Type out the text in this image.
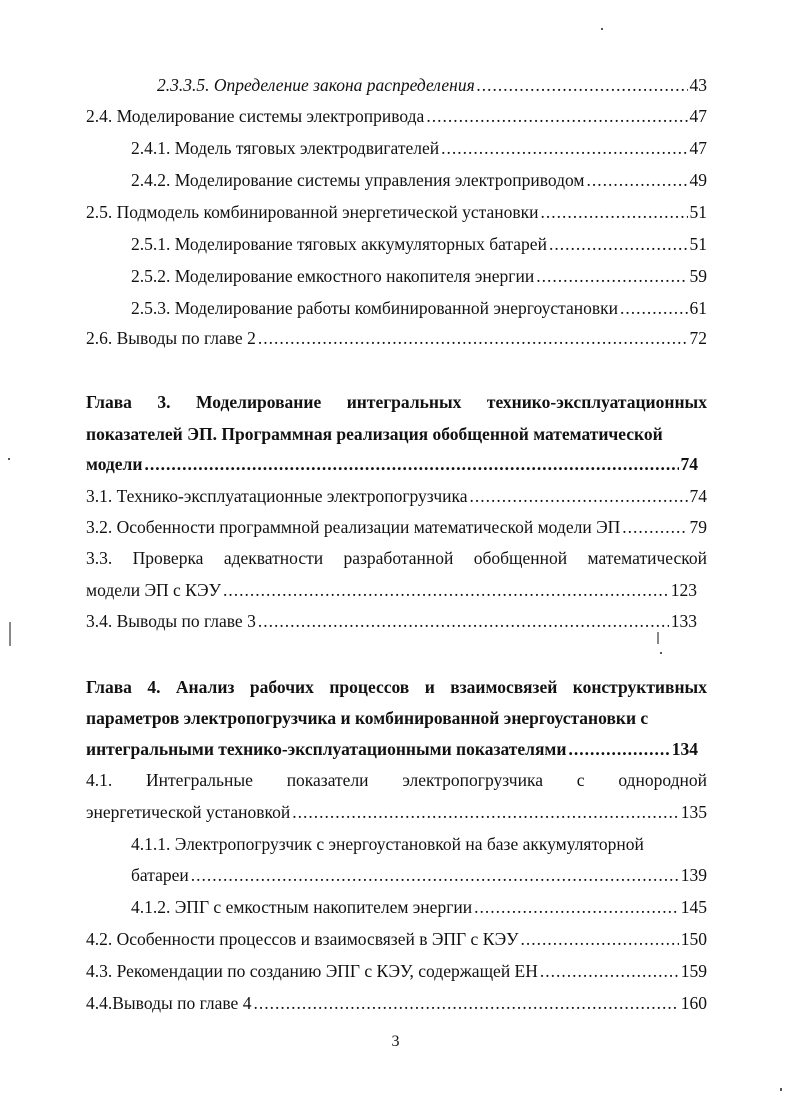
2.3.3.5. Определение закона распределения .....	43
2.4. Моделирование системы электропривода .....	47
2.4.1. Модель тяговых электродвигателей .....	47
2.4.2. Моделирование системы управления электроприводом .....	49
2.5. Подмодель комбинированной энергетической установки .....	51
2.5.1. Моделирование тяговых аккумуляторных батарей .....	51
2.5.2. Моделирование емкостного накопителя энергии .....	59
2.5.3. Моделирование работы комбинированной энергоустановки .....	61
2.6. Выводы по главе 2 .....	72
Глава 3. Моделирование интегральных технико-эксплуатационных
показателей ЭП. Программная реализация обобщенной математической
модели .....	74
3.1. Технико-эксплуатационные электропогрузчика .....	74
3.2. Особенности программной реализации математической модели ЭП .....	79
3.3. Проверка адекватности разработанной обобщенной математической
модели ЭП с КЭУ .....	123
3.4. Выводы по главе 3 .....	133
Глава 4. Анализ рабочих процессов и взаимосвязей конструктивных
параметров электропогрузчика и комбинированной энергоустановки с
интегральными технико-эксплуатационными показателями .....	134
4.1. Интегральные показатели электропогрузчика с однородной
энергетической установкой .....	135
4.1.1. Электропогрузчик с энергоустановкой на базе аккумуляторной
батареи .....	139
4.1.2. ЭПГ с емкостным накопителем энергии .....	145
4.2. Особенности процессов и взаимосвязей в ЭПГ с КЭУ .....	150
4.3. Рекомендации по созданию ЭПГ с КЭУ, содержащей ЕН .....	159
4.4.Выводы по главе 4 .....	160
3
